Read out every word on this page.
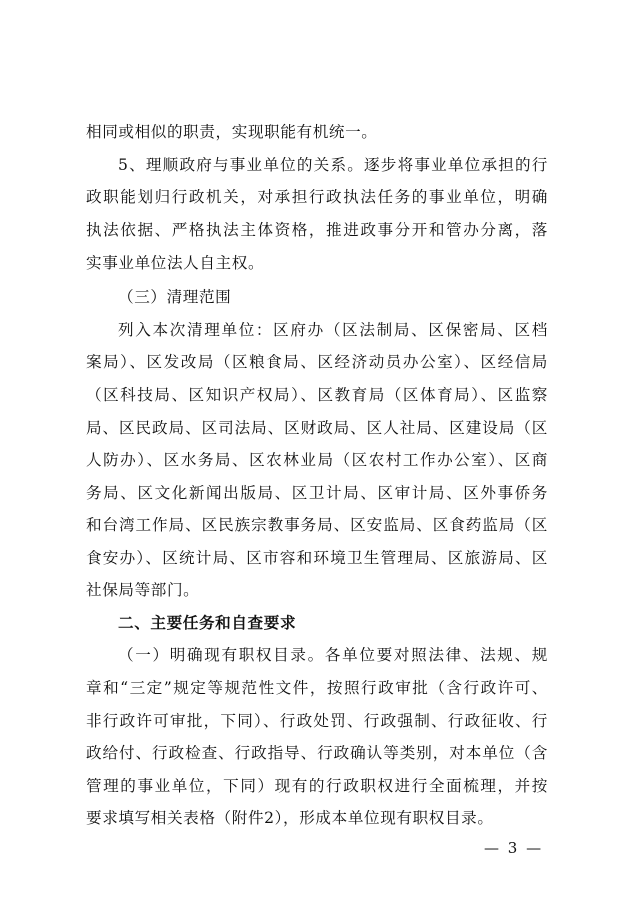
相同或相似的职责，实现职能有机统一。
5、理顺政府与事业单位的关系。逐步将事业单位承担的行
政职能划归行政机关，对承担行政执法任务的事业单位，明确
执法依据、严格执法主体资格，推进政事分开和管办分离，落
实事业单位法人自主权。
（三）清理范围
列入本次清理单位：区府办（区法制局、区保密局、区档
案局）、区发改局（区粮食局、区经济动员办公室）、区经信局
（区科技局、区知识产权局）、区教育局（区体育局）、区监察
局、区民政局、区司法局、区财政局、区人社局、区建设局（区
人防办）、区水务局、区农林业局（区农村工作办公室）、区商
务局、区文化新闻出版局、区卫计局、区审计局、区外事侨务
和台湾工作局、区民族宗教事务局、区安监局、区食药监局（区
食安办）、区统计局、区市容和环境卫生管理局、区旅游局、区
社保局等部门。
二、主要任务和自查要求
（一）明确现有职权目录。各单位要对照法律、法规、规
章和“三定”规定等规范性文件，按照行政审批（含行政许可、
非行政许可审批，下同）、行政处罚、行政强制、行政征收、行
政给付、行政检查、行政指导、行政确认等类别，对本单位（含
管理的事业单位，下同）现有的行政职权进行全面梳理，并按
要求填写相关表格（附件2），形成本单位现有职权目录。
— 3 —
